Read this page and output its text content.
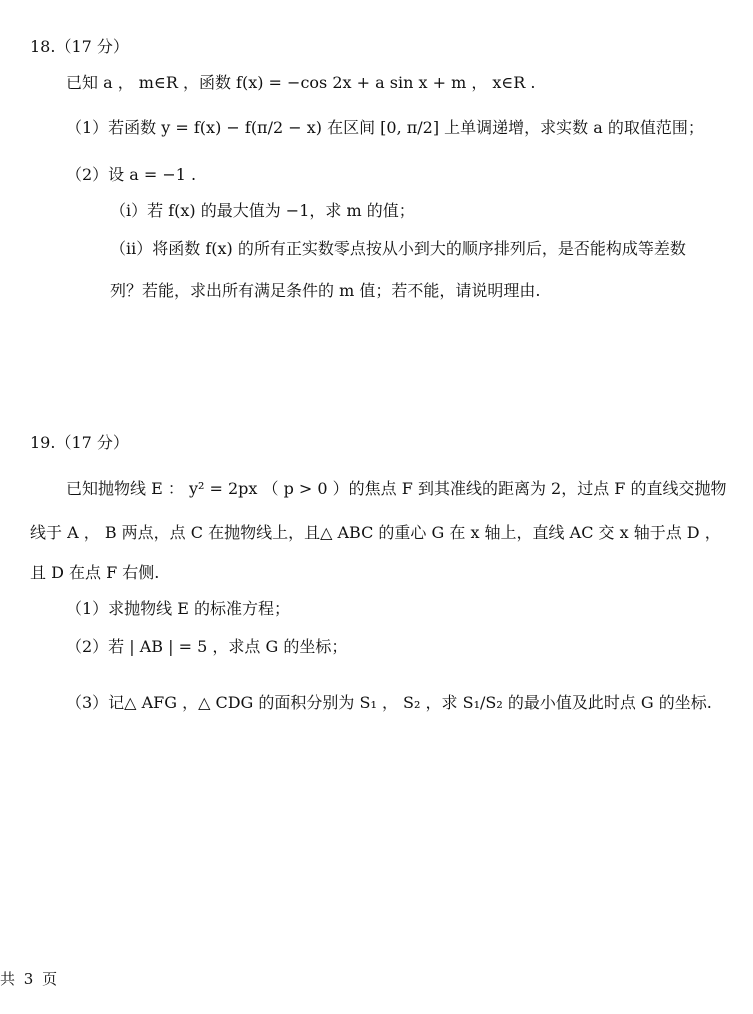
18.（17 分）
已知 a ， m∈R ，函数 f(x) = −cos 2x + a sin x + m ， x∈R .
（1）若函数 y = f(x) − f(π/2 − x) 在区间 [0, π/2] 上单调递增，求实数 a 的取值范围；
（2）设 a = −1 .
（i）若 f(x) 的最大值为 −1，求 m 的值；
（ii）将函数 f(x) 的所有正实数零点按从小到大的顺序排列后，是否能构成等差数
列？若能，求出所有满足条件的 m 值；若不能，请说明理由.
19.（17 分）
已知抛物线 E ： y² = 2px （ p > 0 ）的焦点 F 到其准线的距离为 2，过点 F 的直线交抛物
线于 A ， B 两点，点 C 在抛物线上，且△ ABC 的重心 G 在 x 轴上，直线 AC 交 x 轴于点 D ，
且 D 在点 F 右侧.
（1）求抛物线 E 的标准方程；
（2）若 | AB | = 5 ，求点 G 的坐标；
（3）记△ AFG ，△ CDG 的面积分别为 S₁ ， S₂ ，求 S₁/S₂ 的最小值及此时点 G 的坐标.
共 3 页
